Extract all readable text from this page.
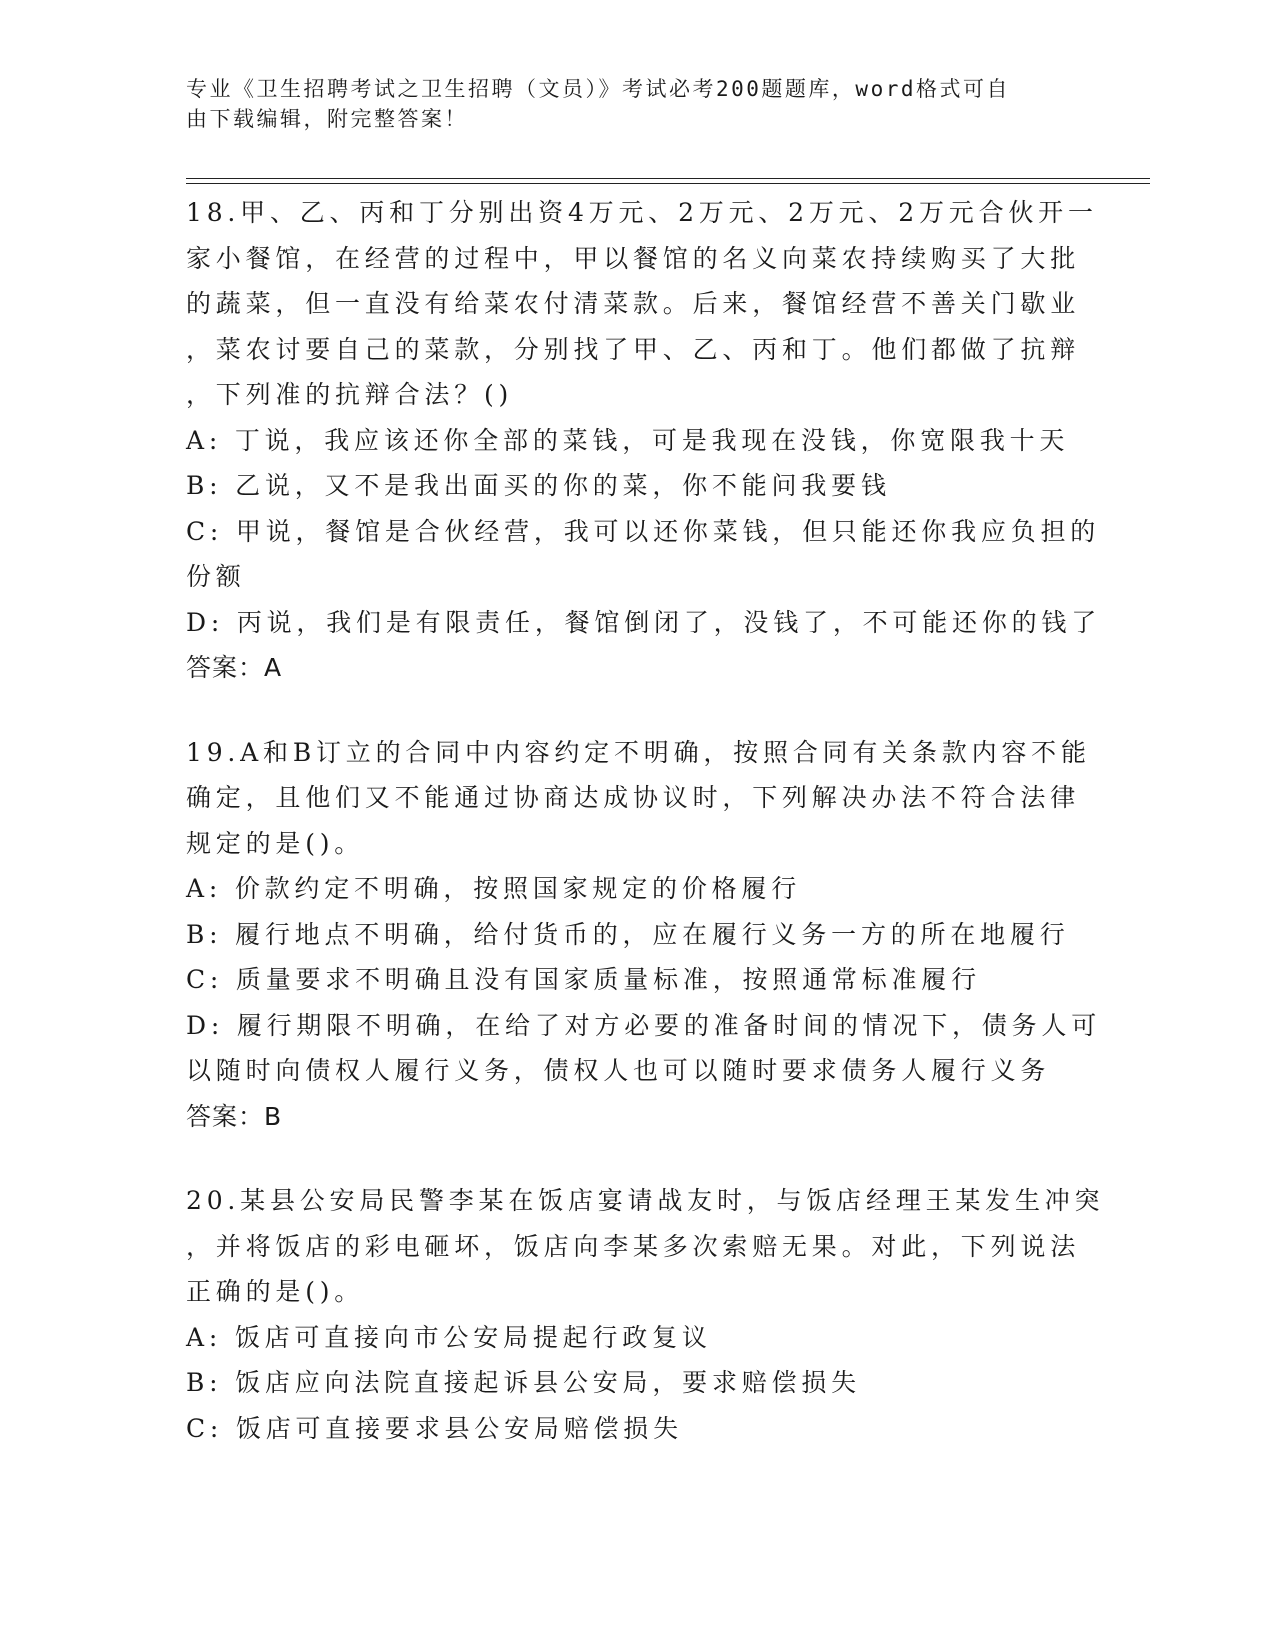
专业《卫生招聘考试之卫生招聘（文员）》考试必考200题题库，word格式可自
由下载编辑，附完整答案！
18.甲、乙、丙和丁分别出资4万元、2万元、2万元、2万元合伙开一
家小餐馆，在经营的过程中，甲以餐馆的名义向菜农持续购买了大批
的蔬菜，但一直没有给菜农付清菜款。后来，餐馆经营不善关门歇业
，菜农讨要自己的菜款，分别找了甲、乙、丙和丁。他们都做了抗辩
，下列准的抗辩合法？()
A: 丁说，我应该还你全部的菜钱，可是我现在没钱，你宽限我十天
B: 乙说，又不是我出面买的你的菜，你不能问我要钱
C: 甲说，餐馆是合伙经营，我可以还你菜钱，但只能还你我应负担的
份额
D: 丙说，我们是有限责任，餐馆倒闭了，没钱了，不可能还你的钱了
答案：A
19.A和B订立的合同中内容约定不明确，按照合同有关条款内容不能
确定，且他们又不能通过协商达成协议时，下列解决办法不符合法律
规定的是()。
A: 价款约定不明确，按照国家规定的价格履行
B: 履行地点不明确，给付货币的，应在履行义务一方的所在地履行
C: 质量要求不明确且没有国家质量标准，按照通常标准履行
D: 履行期限不明确，在给了对方必要的准备时间的情况下，债务人可
以随时向债权人履行义务，债权人也可以随时要求债务人履行义务
答案：B
20.某县公安局民警李某在饭店宴请战友时，与饭店经理王某发生冲突
，并将饭店的彩电砸坏，饭店向李某多次索赔无果。对此，下列说法
正确的是()。
A: 饭店可直接向市公安局提起行政复议
B: 饭店应向法院直接起诉县公安局，要求赔偿损失
C: 饭店可直接要求县公安局赔偿损失
